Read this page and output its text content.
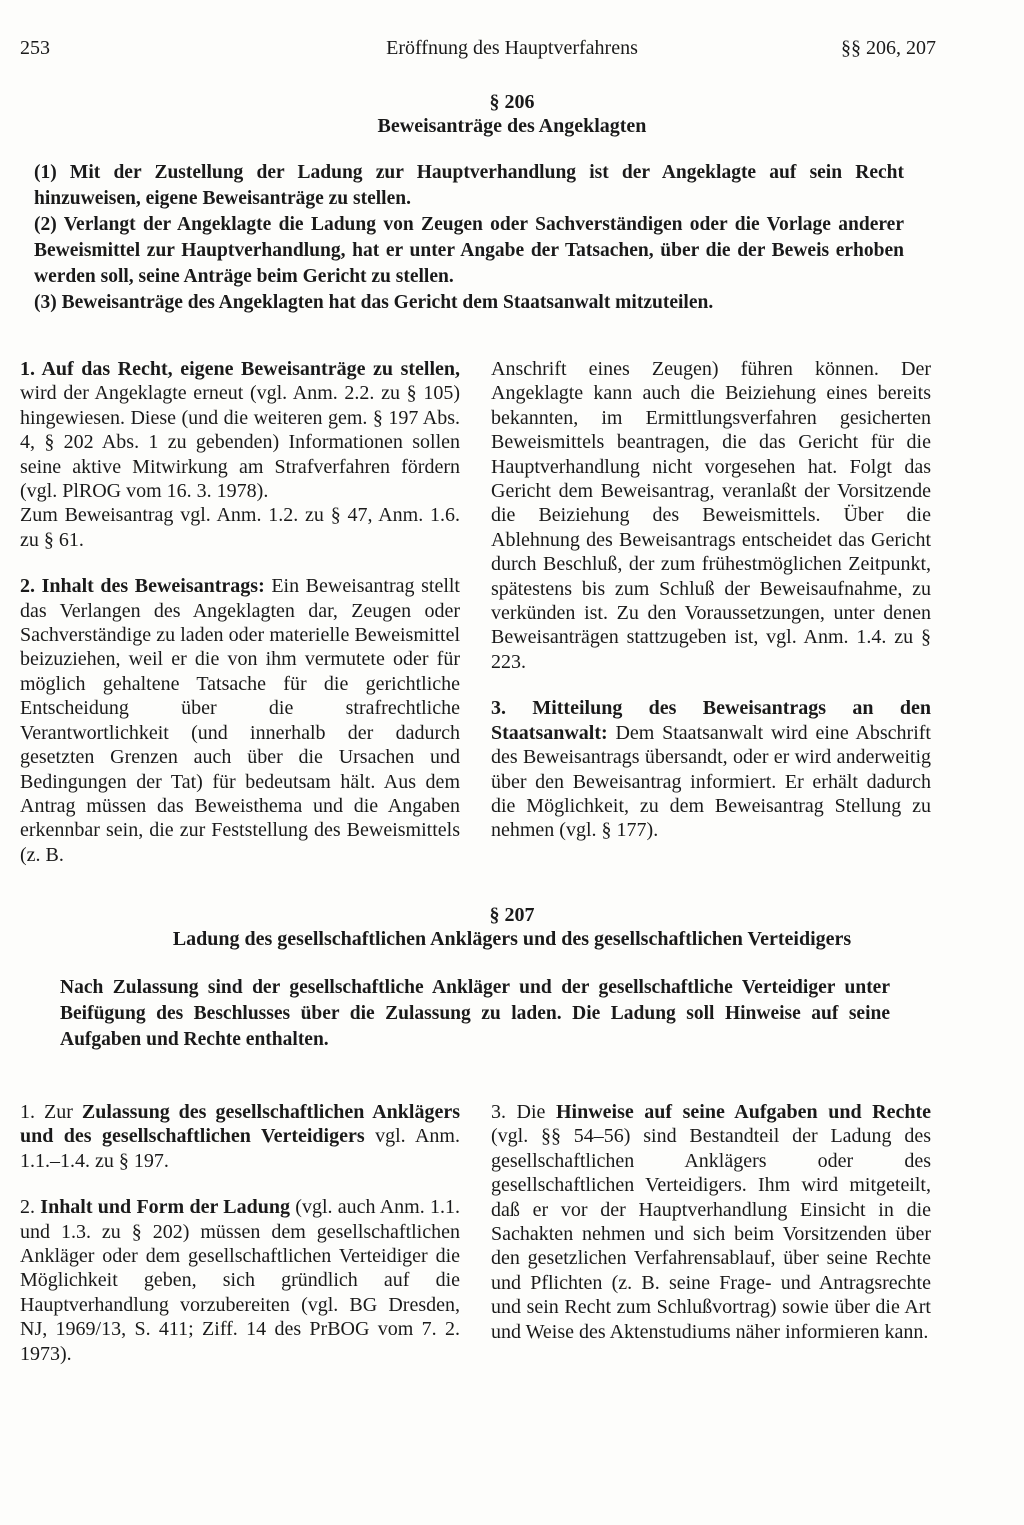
253	Eröffnung des Hauptverfahrens	§§ 206, 207
§ 206
Beweisanträge des Angeklagten

(1) Mit der Zustellung der Ladung zur Hauptverhandlung ist der Angeklagte auf sein Recht hinzuweisen, eigene Beweisanträge zu stellen.

(2) Verlangt der Angeklagte die Ladung von Zeugen oder Sachverständigen oder die Vorlage anderer Beweismittel zur Hauptverhandlung, hat er unter Angabe der Tatsachen, über die der Beweis erhoben werden soll, seine Anträge beim Gericht zu stellen.

(3) Beweisanträge des Angeklagten hat das Gericht dem Staatsanwalt mitzuteilen.

1. Auf das Recht, eigene Beweisanträge zu stellen, wird der Angeklagte erneut (vgl. Anm. 2.2. zu § 105) hingewiesen. Diese (und die weiteren gem. § 197 Abs. 4, § 202 Abs. 1 zu gebenden) Informationen sollen seine aktive Mitwirkung am Strafverfahren fördern (vgl. PlROG vom 16. 3. 1978).
Zum Beweisantrag vgl. Anm. 1.2. zu § 47, Anm. 1.6. zu § 61.

2. Inhalt des Beweisantrags: Ein Beweisantrag stellt das Verlangen des Angeklagten dar, Zeugen oder Sachverständige zu laden oder materielle Beweismittel beizuziehen, weil er die von ihm vermutete oder für möglich gehaltene Tatsache für die gerichtliche Entscheidung über die strafrechtliche Verantwortlichkeit (und innerhalb der dadurch gesetzten Grenzen auch über die Ursachen und Bedingungen der Tat) für bedeutsam hält. Aus dem Antrag müssen das Beweisthema und die Angaben erkennbar sein, die zur Feststellung des Beweismittels (z. B.

Anschrift eines Zeugen) führen können. Der Angeklagte kann auch die Beiziehung eines bereits bekannten, im Ermittlungsverfahren gesicherten Beweismittels beantragen, die das Gericht für die Hauptverhandlung nicht vorgesehen hat. Folgt das Gericht dem Beweisantrag, veranlaßt der Vorsitzende die Beiziehung des Beweismittels. Über die Ablehnung des Beweisantrags entscheidet das Gericht durch Beschluß, der zum frühestmöglichen Zeitpunkt, spätestens bis zum Schluß der Beweisaufnahme, zu verkünden ist. Zu den Voraussetzungen, unter denen Beweisanträgen stattzugeben ist, vgl. Anm. 1.4. zu § 223.

3. Mitteilung des Beweisantrags an den Staatsanwalt: Dem Staatsanwalt wird eine Abschrift des Beweisantrags übersandt, oder er wird anderweitig über den Beweisantrag informiert. Er erhält dadurch die Möglichkeit, zu dem Beweisantrag Stellung zu nehmen (vgl. § 177).

§ 207
Ladung des gesellschaftlichen Anklägers und des gesellschaftlichen Verteidigers

Nach Zulassung sind der gesellschaftliche Ankläger und der gesellschaftliche Verteidiger unter Beifügung des Beschlusses über die Zulassung zu laden. Die Ladung soll Hinweise auf seine Aufgaben und Rechte enthalten.

1. Zur Zulassung des gesellschaftlichen Anklägers und des gesellschaftlichen Verteidigers vgl. Anm. 1.1.–1.4. zu § 197.

2. Inhalt und Form der Ladung (vgl. auch Anm. 1.1. und 1.3. zu § 202) müssen dem gesellschaftlichen Ankläger oder dem gesellschaftlichen Verteidiger die Möglichkeit geben, sich gründlich auf die Hauptverhandlung vorzubereiten (vgl. BG Dresden, NJ, 1969/13, S. 411; Ziff. 14 des PrBOG vom 7. 2. 1973).

3. Die Hinweise auf seine Aufgaben und Rechte (vgl. §§ 54–56) sind Bestandteil der Ladung des gesellschaftlichen Anklägers oder des gesellschaftlichen Verteidigers. Ihm wird mitgeteilt, daß er vor der Hauptverhandlung Einsicht in die Sachakten nehmen und sich beim Vorsitzenden über den gesetzlichen Verfahrensablauf, über seine Rechte und Pflichten (z. B. seine Frage- und Antragsrechte und sein Recht zum Schlußvortrag) sowie über die Art und Weise des Aktenstudiums näher informieren kann.
